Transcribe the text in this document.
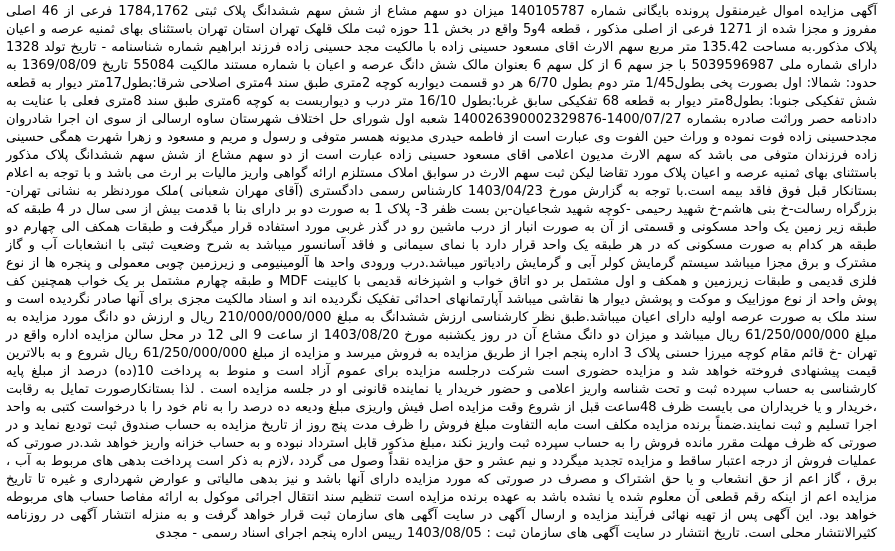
آگهی مزایده اموال غیرمنقول پرونده بایگانی شماره 140105787 میزان دو سهم مشاع از شش سهم ششدانگ پلاک ثبتی 1784,1762 فرعی از 46 اصلی مفروز و مجزا شده از 1271 فرعی از اصلی مذکور ، قطعه 4و5 واقع در بخش 11 حوزه ثبت ملک قلهک تهران استان تهران باستثنای بهای ثمنیه عرصه و اعیان پلاک مذکور.به مساحت 135.42 متر مربع سهم الارث اقای مسعود حسینی زاده با مالکیت مجد حسینی زاده فرزند ابراهیم شماره شناسنامه - تاریخ تولد 1328 دارای شماره ملی 5039596987 با جز سهم 6 از کل سهم 6 بعنوان مالک شش دانگ عرصه و اعیان با شماره مستند مالکیت 55084 تاریخ 1369/08/09 به حدود: شمالا: اول بصورت پخی بطول1/45 متر دوم بطول 6/70 هر دو قسمت دیواربه کوچه 2متری طبق سند 4متری اصلاحی شرقا:بطول17متر دیوار به قطعه شش تفکیکی جنوبا: بطول8متر دیوار به قطعه 68 تفکیکی سابق غربا:بطول 16/10 متر درب و دیواربست به کوچه 6متری طبق سند 8متری فعلی با عنایت به دادنامه حصر وراثت صادره بشماره 1400/07/27-140026390002329876 شعبه اول شورای حل اختلاف شهرستان ساوه ارسالی از سوی ان اجرا شادروان مجدحسینی زاده فوت نموده و وراث حین الفوت وی عبارت است از فاطمه حیدری مدیونه همسر متوفی و رسول و مریم و مسعود و زهرا شهرت همگی حسینی زاده فرزندان متوفی می باشد که سهم الارث مدیون اعلامی اقای مسعود حسینی زاده عبارت است از دو سهم مشاع از شش سهم ششدانگ پلاک مذکور باستثنای بهای ثمنیه عرصه و اعیان پلاک مورد تقاضا لیکن ثبت سهم الارث در سوابق املاک مستلزم ارائه گواهی واریز مالیات بر ارث می باشد و با توجه به اعلام بستانکار قبل فوق فاقد بیمه است.با توجه به گزارش مورخ 1403/04/23 کارشناس رسمی دادگستری (آقای مهران شعبانی )ملک موردنظر به نشانی تهران-بزرگراه رسالت-خ بنی هاشم-خ شهید رحیمی -کوچه شهید شجاعیان-بن بست ظفر 3- پلاک 1 به صورت دو بر دارای بنا با قدمت بیش از سی سال در 4 طبقه که طبقه زیر زمین یک واحد مسکونی و قسمتی از آن به صورت انبار از درب ماشین رو در گذر غربی مورد استفاده قرار میگرفت و طبقات همکف الی چهارم دو طبقه هر کدام به صورت مسکونی که در هر طبقه یک واحد قرار دارد با نمای سیمانی و فاقد آسانسور میباشد به شرح وضعیت ثبتی با انشعابات آب و گاز مشترک و برق مجزا میباشد سیستم گرمایش کولر آبی و گرمایش رادیاتور میباشد.درب ورودی واحد ها آلومینیومی و زیرزمین چوبی معمولی و پنجره ها از نوع فلزی قدیمی و طبقات زیرزمین و همکف و اول مشتمل بر دو اتاق خواب و اشپزخانه قدیمی با کابینت MDF و طبقه چهارم مشتمل بر یک خواب همچنین کف پوش واحد از نوع موزاییک و موکت و پوشش دیوار ها نقاشی میباشد آپارتمانهای احداثی تفکیک نگردیده اند و اسناد مالکیت مجزی برای آنها صادر نگردیده است و سند ملک به صورت عرصه اولیه دارای اعیان میباشد.طبق نظر کارشناسی ارزش ششدانگ به مبلغ 210/000/000/000 ریال و ارزش دو دانگ مورد مزایده به مبلغ 61/250/000/000 ریال میباشد و میزان دو دانگ مشاع آن در روز یکشنبه مورخ 1403/08/20 از ساعت 9 الی 12 در محل سالن مزایده اداره واقع در تهران -خ قائم مقام کوچه میرزا حسنی پلاک 3 اداره پنجم اجرا از طریق مزایده به فروش میرسد و مزایده از مبلغ 61/250/000/000 ریال شروع و به بالاترین قیمت پیشنهادی فروخته خواهد شد و مزایده حضوری است شرکت درجلسه مزایده برای عموم آزاد است و منوط به پرداخت 10(ده) درصد از مبلغ پایه کارشناسی به حساب سپرده ثبت و تحت شناسه واریز اعلامی و حضور خریدار یا نماینده قانونی او در جلسه مزایده است . لذا بستانکارصورت تمایل به رقابت ،خریدار و یا خریداران می بایست ظرف 48ساعت قبل از شروع وقت مزایده اصل فیش واریزی مبلغ ودیعه ده درصد را به نام خود را با درخواست کتبی به واحد اجرا تسلیم و ثبت نمایند.ضمناً برنده مزایده مکلف است مابه التفاوت مبلغ فروش را ظرف مدت پنج روز از تاریخ مزایده به حساب صندوق ثبت تودیع نماید و در صورتی که ظرف مهلت مقرر مانده فروش را به حساب سپرده ثبت واریز نکند ،مبلغ مذکور قابل استرداد نبوده و به حساب خزانه واریز خواهد شد.در صورتی که عملیات فروش از درجه اعتبار ساقط و مزایده تجدید میگردد و نیم عشر و حق مزایده نقداً وصول می گردد ،لازم به ذکر است پرداخت بدهی های مربوط به آب ، برق ، گاز اعم از حق انشعاب و یا حق اشتراک و مصرف در صورتی که مورد مزایده دارای آنها باشد و نیز بدهی مالیاتی و عوارض شهرداری و غیره تا تاریخ مزایده اعم از اینکه رقم قطعی آن معلوم شده یا نشده باشد به عهده برنده مزایده است تنظیم سند انتقال اجرائی موکول به ارائه مفاصا حساب های مربوطه خواهد بود. این آگهی پس از تهیه نهائی فرآیند مزایده و ارسال آگهی در سایت آگهی های سازمان ثبت قرار خواهد گرفت و به منزله انتشار آگهی در روزنامه کثیرالانتشار محلی است. تاریخ انتشار در سایت آگهی های سازمان ثبت : 1403/08/05 رییس اداره پنجم اجرای اسناد رسمی - مجدی
